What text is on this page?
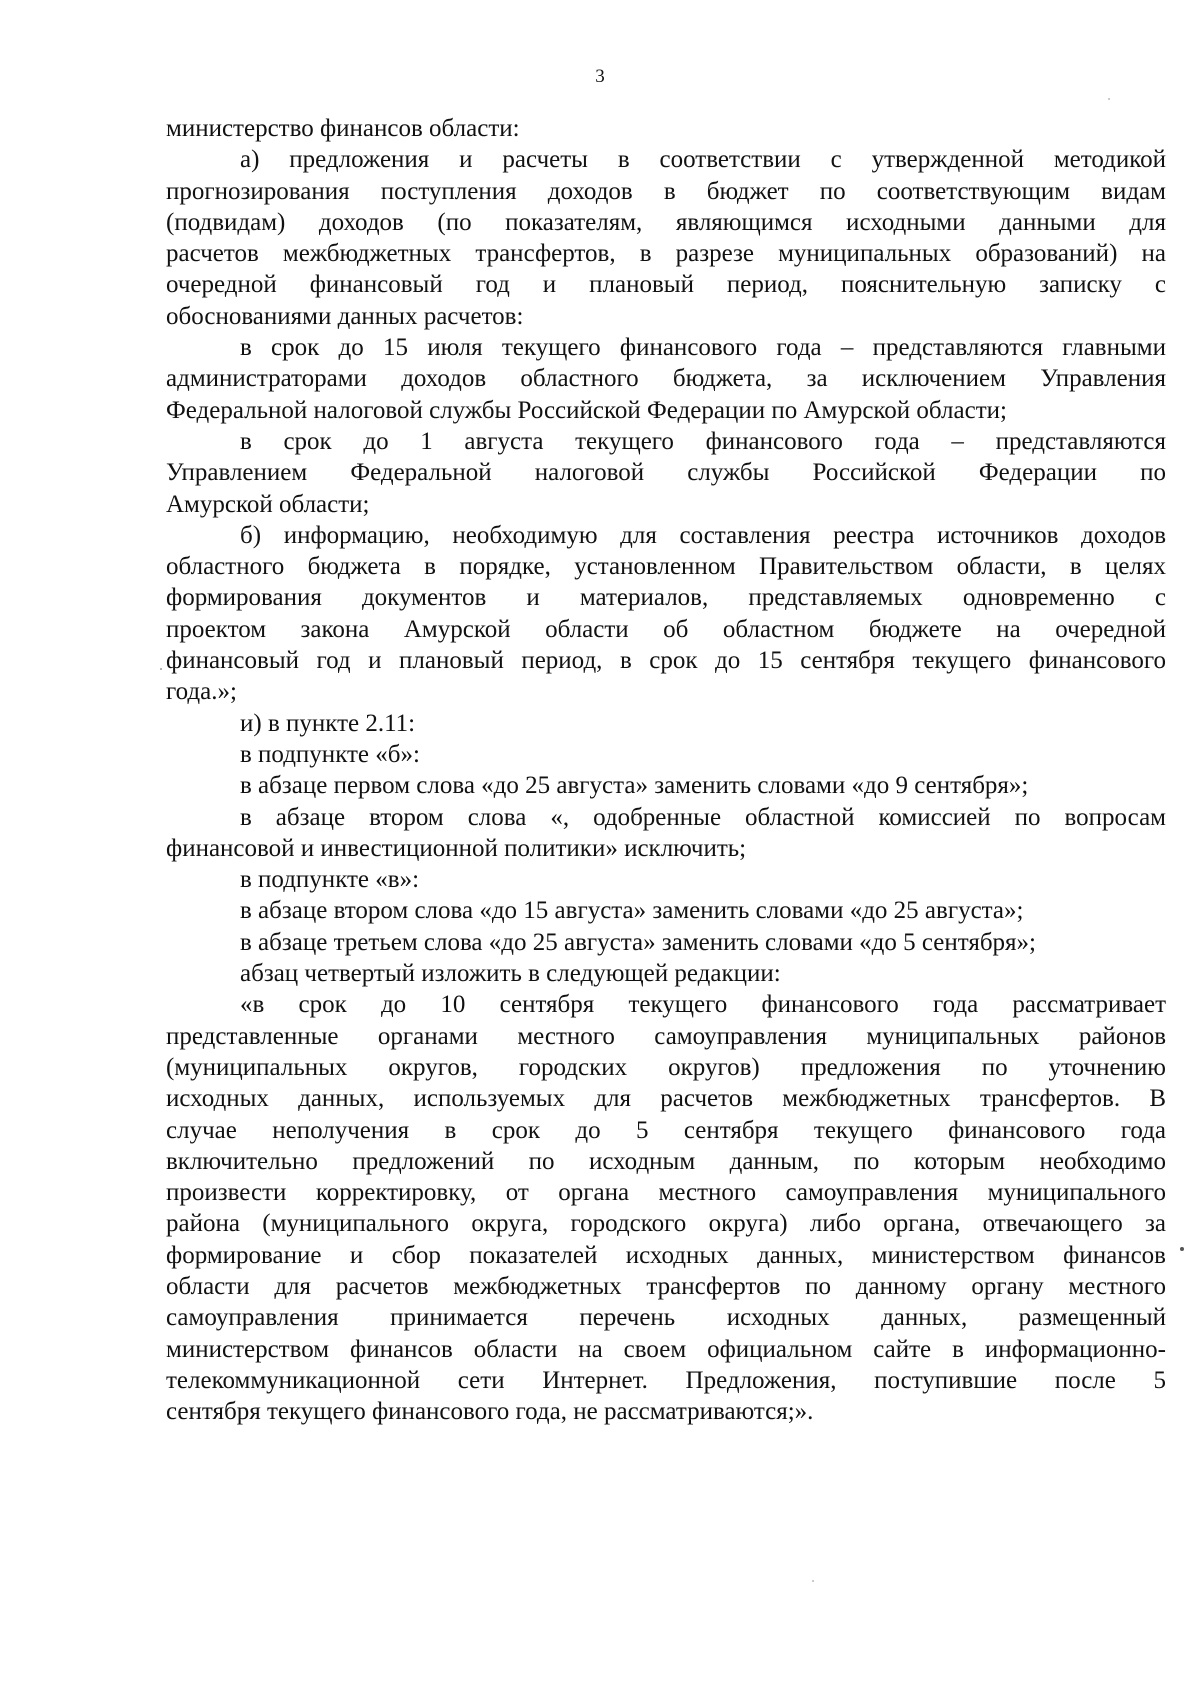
3

министерство финансов области:

а) предложения и расчеты в соответствии с утвержденной методикой
прогнозирования поступления доходов в бюджет по соответствующим видам
(подвидам) доходов (по показателям, являющимся исходными данными для
расчетов межбюджетных трансфертов, в разрезе муниципальных образований) на
очередной финансовый год и плановый период, пояснительную записку с
обоснованиями данных расчетов:

в срок до 15 июля текущего финансового года – представляются главными
администраторами доходов областного бюджета, за исключением Управления
Федеральной налоговой службы Российской Федерации по Амурской области;

в срок до 1 августа текущего финансового года – представляются
Управлением Федеральной налоговой службы Российской Федерации по
Амурской области;

б) информацию, необходимую для составления реестра источников доходов
областного бюджета в порядке, установленном Правительством области, в целях
формирования документов и материалов, представляемых одновременно с
проектом закона Амурской области об областном бюджете на очередной
финансовый год и плановый период, в срок до 15 сентября текущего финансового
года.»;

и) в пункте 2.11:

в подпункте «б»:

в абзаце первом слова «до 25 августа» заменить словами «до 9 сентября»;

в абзаце втором слова «, одобренные областной комиссией по вопросам
финансовой и инвестиционной политики» исключить;

в подпункте «в»:

в абзаце втором слова «до 15 августа» заменить словами «до 25 августа»;

в абзаце третьем слова «до 25 августа» заменить словами «до 5 сентября»;

абзац четвертый изложить в следующей редакции:

«в срок до 10 сентября текущего финансового года рассматривает
представленные органами местного самоуправления муниципальных районов
(муниципальных округов, городских округов) предложения по уточнению
исходных данных, используемых для расчетов межбюджетных трансфертов. В
случае неполучения в срок до 5 сентября текущего финансового года
включительно предложений по исходным данным, по которым необходимо
произвести корректировку, от органа местного самоуправления муниципального
района (муниципального округа, городского округа) либо органа, отвечающего за
формирование и сбор показателей исходных данных, министерством финансов
области для расчетов межбюджетных трансфертов по данному органу местного
самоуправления принимается перечень исходных данных, размещенный
министерством финансов области на своем официальном сайте в информационно-
телекоммуникационной сети Интернет. Предложения, поступившие после 5
сентября текущего финансового года, не рассматриваются;».
